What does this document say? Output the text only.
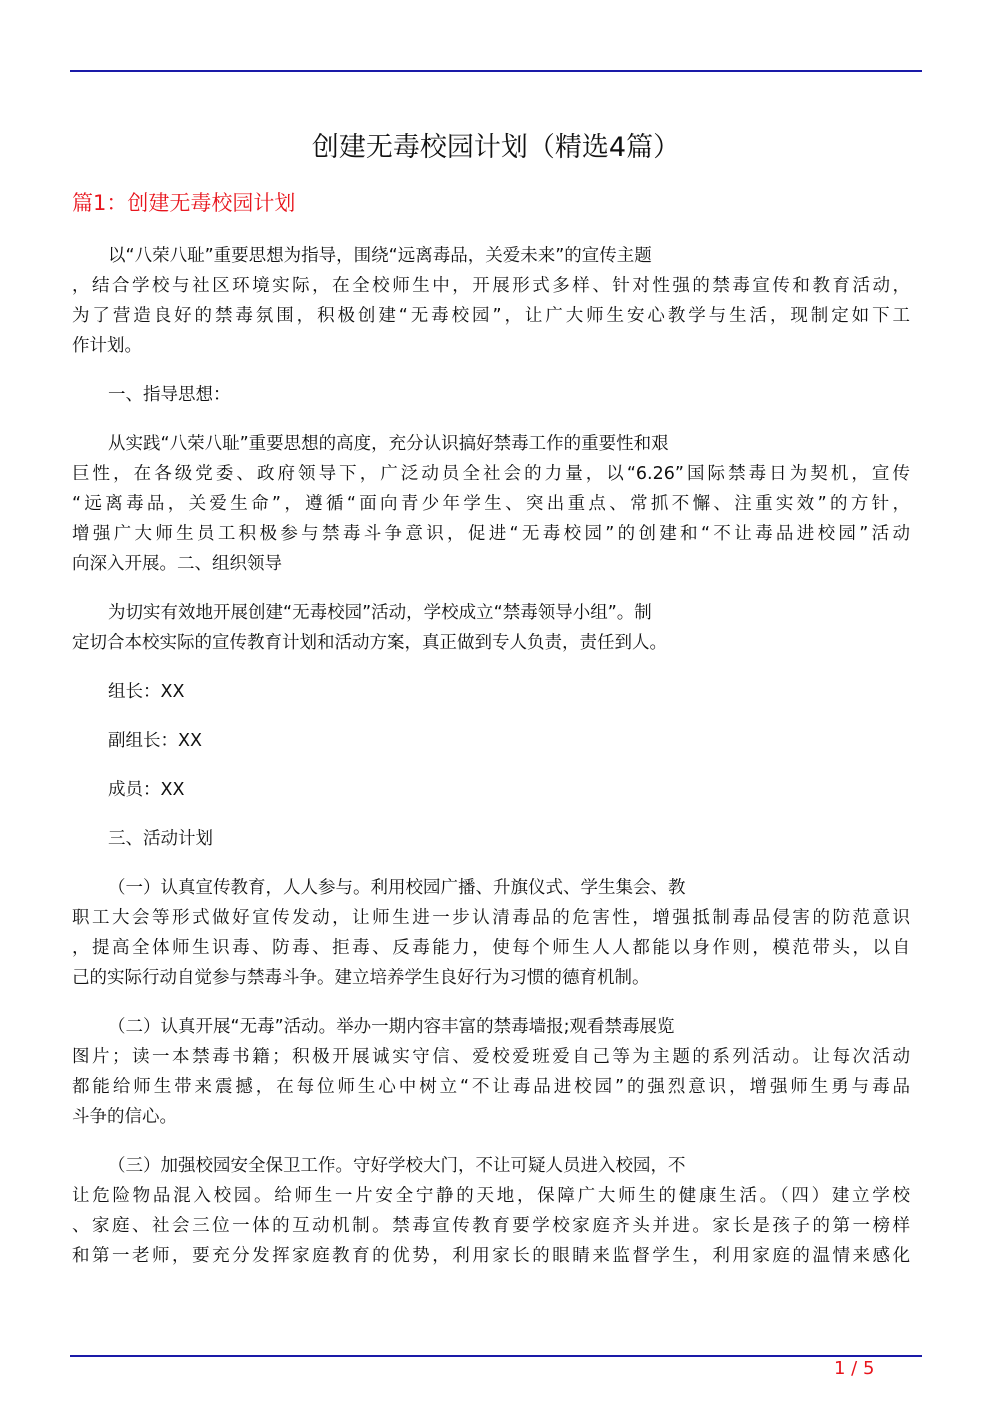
创建无毒校园计划（精选4篇）
篇1：创建无毒校园计划
以“八荣八耻”重要思想为指导，围绕“远离毒品，关爱未来”的宣传主题
，结合学校与社区环境实际，在全校师生中，开展形式多样、针对性强的禁毒宣传和教育活动，
为了营造良好的禁毒氛围，积极创建“无毒校园”，让广大师生安心教学与生活，现制定如下工
作计划。
一、指导思想：
从实践“八荣八耻”重要思想的高度，充分认识搞好禁毒工作的重要性和艰
巨性，在各级党委、政府领导下，广泛动员全社会的力量，以“6.26”国际禁毒日为契机，宣传
“远离毒品，关爱生命”，遵循“面向青少年学生、突出重点、常抓不懈、注重实效”的方针，
增强广大师生员工积极参与禁毒斗争意识，促进“无毒校园”的创建和“不让毒品进校园”活动
向深入开展。二、组织领导
为切实有效地开展创建“无毒校园”活动，学校成立“禁毒领导小组”。制
定切合本校实际的宣传教育计划和活动方案，真正做到专人负责，责任到人。
组长：XX
副组长：XX
成员：XX
三、活动计划
（一）认真宣传教育，人人参与。利用校园广播、升旗仪式、学生集会、教
职工大会等形式做好宣传发动，让师生进一步认清毒品的危害性，增强抵制毒品侵害的防范意识
，提高全体师生识毒、防毒、拒毒、反毒能力，使每个师生人人都能以身作则，模范带头，以自
己的实际行动自觉参与禁毒斗争。建立培养学生良好行为习惯的德育机制。
（二）认真开展“无毒”活动。举办一期内容丰富的禁毒墙报;观看禁毒展览
图片；读一本禁毒书籍；积极开展诚实守信、爱校爱班爱自己等为主题的系列活动。让每次活动
都能给师生带来震撼，在每位师生心中树立“不让毒品进校园”的强烈意识，增强师生勇与毒品
斗争的信心。
（三）加强校园安全保卫工作。守好学校大门，不让可疑人员进入校园，不
让危险物品混入校园。给师生一片安全宁静的天地，保障广大师生的健康生活。（四）建立学校
、家庭、社会三位一体的互动机制。禁毒宣传教育要学校家庭齐头并进。家长是孩子的第一榜样
和第一老师，要充分发挥家庭教育的优势，利用家长的眼睛来监督学生，利用家庭的温情来感化
1 / 5
